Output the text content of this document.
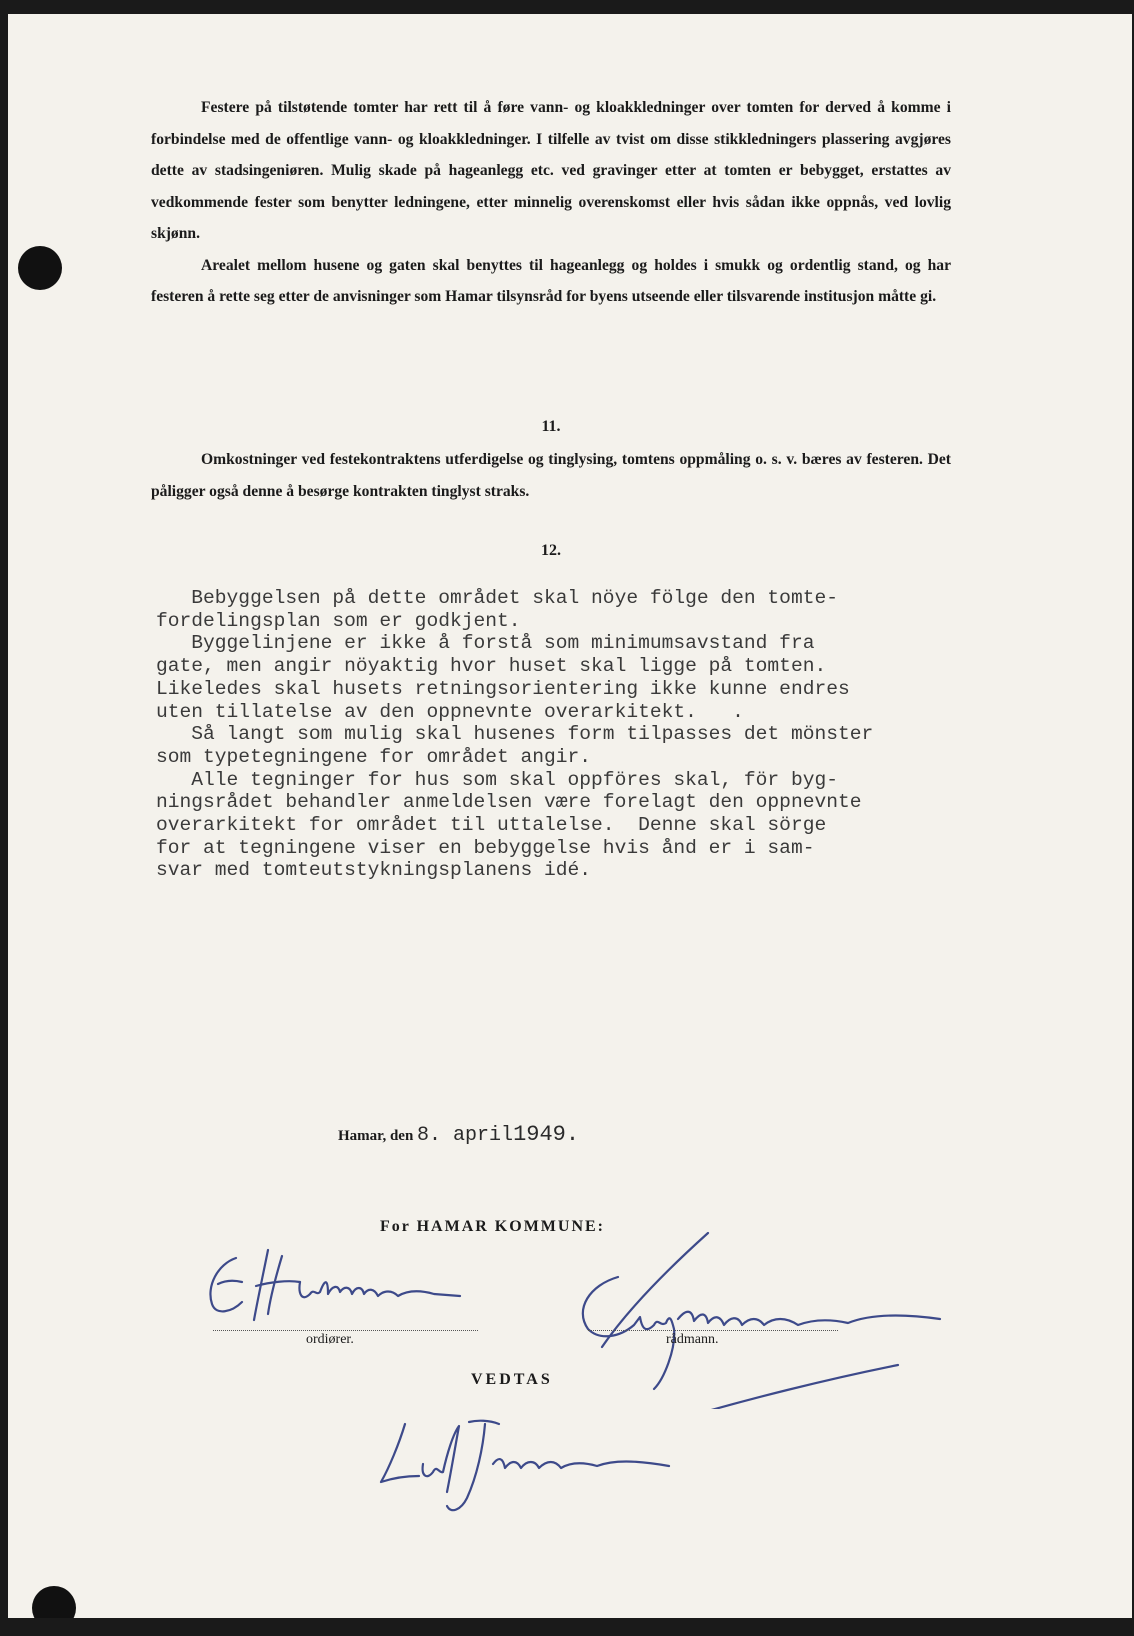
Festere på tilstøtende tomter har rett til å føre vann- og kloakkledninger over tomten for derved å komme i forbindelse med de offentlige vann- og kloakkledninger. I tilfelle av tvist om disse stikkledningers plassering avgjøres dette av stadsingeniøren. Mulig skade på hageanlegg etc. ved gravinger etter at tomten er bebygget, erstattes av vedkommende fester som benytter ledningene, etter minnelig overenskomst eller hvis sådan ikke oppnås, ved lovlig skjønn.

Arealet mellom husene og gaten skal benyttes til hageanlegg og holdes i smukk og ordentlig stand, og har festeren å rette seg etter de anvisninger som Hamar tilsynsråd for byens utseende eller tilsvarende institusjon måtte gi.

11.

Omkostninger ved festekontraktens utferdigelse og tinglysing, tomtens oppmåling o. s. v. bæres av festeren. Det påligger også denne å besørge kontrakten tinglyst straks.

12.
Bebyggelsen på dette området skal nöye fölge den tomte-
fordelingsplan som er godkjent.
Byggelinjene er ikke å forstå som minimumsavstand fra
gate, men angir nöyaktig hvor huset skal ligge på tomten.
Likeledes skal husets retningsorientering ikke kunne endres
uten tillatelse av den oppnevnte overarkitekt.   .
Så langt som mulig skal husenes form tilpasses det mönster
som typetegningene for området angir.
Alle tegninger for hus som skal oppföres skal, för byg-
ningsrådet behandler anmeldelsen være forelagt den oppnevnte
overarkitekt for området til uttalelse.  Denne skal sörge
for at tegningene viser en bebyggelse hvis ånd er i sam-
svar med tomteutstykningsplanens idé.
Hamar, den 8. april1949.
For HAMAR KOMMUNE:
ordiører.	rådmann.
VEDTAS
